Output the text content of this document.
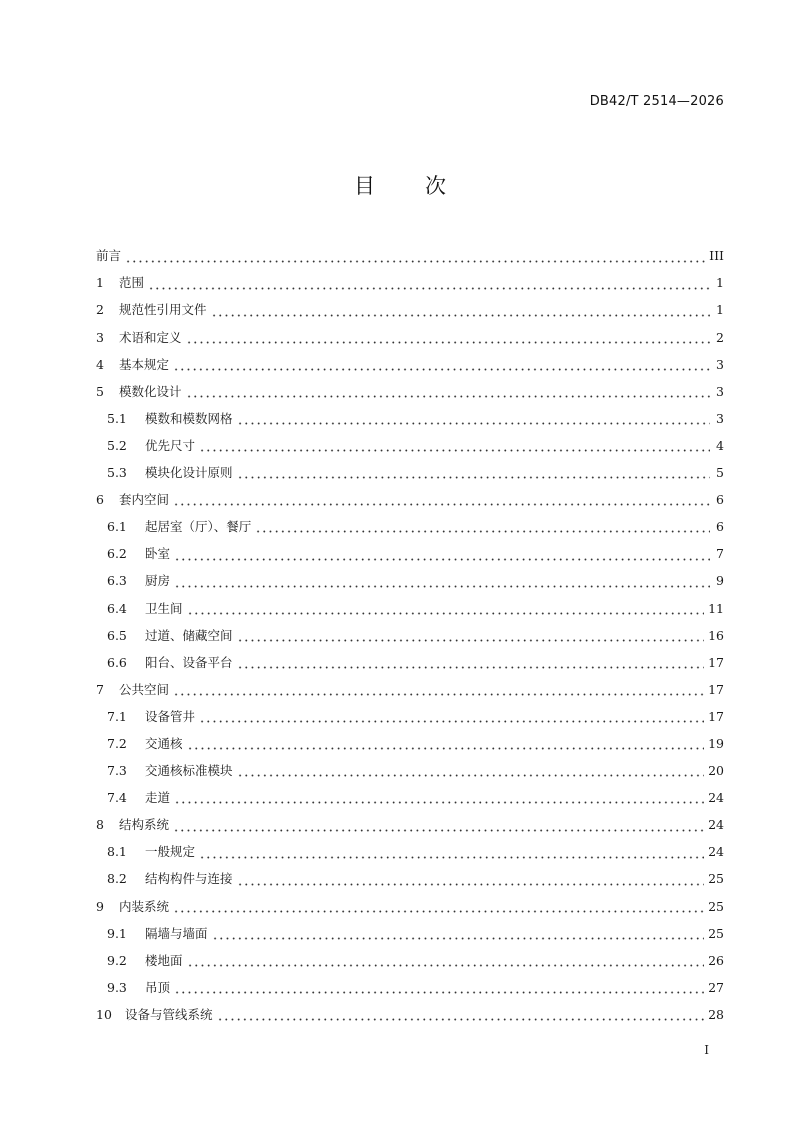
DB42/T 2514—2026
目 次
前言	III
1	范围	1
2	规范性引用文件	1
3	术语和定义	2
4	基本规定	3
5	模数化设计	3
5.1	模数和模数网格	3
5.2	优先尺寸	4
5.3	模块化设计原则	5
6	套内空间	6
6.1	起居室（厅）、餐厅	6
6.2	卧室	7
6.3	厨房	9
6.4	卫生间	11
6.5	过道、储藏空间	16
6.6	阳台、设备平台	17
7	公共空间	17
7.1	设备管井	17
7.2	交通核	19
7.3	交通核标准模块	20
7.4	走道	24
8	结构系统	24
8.1	一般规定	24
8.2	结构构件与连接	25
9	内装系统	25
9.1	隔墙与墙面	25
9.2	楼地面	26
9.3	吊顶	27
10	设备与管线系统	28
I
